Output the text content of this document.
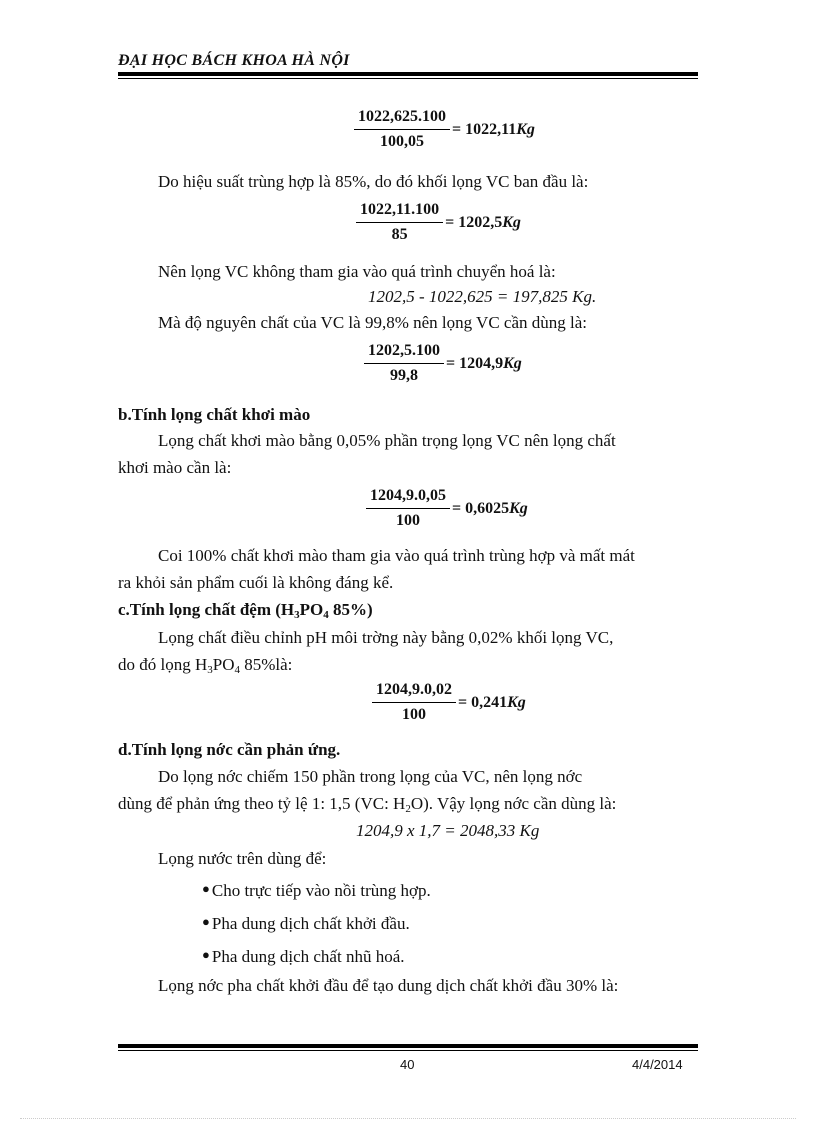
ĐẠI HỌC BÁCH KHOA HÀ NỘI
$\frac{1022,625.100}{100,05} = 1022,11$ Kg
Do hiệu suất trùng hợp là 85%, do đó khối lọng VC ban đầu là:
$\frac{1022,11.100}{85} = 1202,5$ Kg
Nên lọng VC không tham gia vào quá trình chuyển hoá là:
1202,5 - 1022,625 = 197,825 Kg.
Mà độ nguyên chất của VC là 99,8% nên lọng VC cần dùng là:
$\frac{1202,5.100}{99,8} = 1204,9$ Kg
b.Tính lọng chất khơi mào
Lọng chất khơi mào bằng 0,05% phần trọng lọng VC nên lọng chất
khơi mào cần là:
$\frac{1204,9.0,05}{100} = 0,6025$ Kg
Coi 100% chất khơi mào tham gia vào quá trình trùng hợp và mất mát
ra khỏi sản phẩm cuối là không đáng kể.
c.Tính lọng chất đệm ($H_3PO_4$ 85%)
Lọng chất điều chỉnh pH môi trờng này bằng 0,02% khối lọng VC,
do đó lọng $H_3PO_4$ 85%là:
$\frac{1204,9.0,02}{100} = 0,241$ Kg
d.Tính lọng nớc cần phản ứng.
Do lọng nớc chiếm 150 phần trong lọng của VC, nên lọng nớc
dùng để phản ứng theo tỷ lệ 1: 1,5 (VC: $H_2O$). Vậy lọng nớc cần dùng là:
1204,9 x 1,7 = 2048,33 Kg
Lọng nước trên dùng để:
● Cho trực tiếp vào nồi trùng hợp.
● Pha dung dịch chất khởi đầu.
● Pha dung dịch chất nhũ hoá.
Lọng nớc pha chất khởi đầu để tạo dung dịch chất khởi đầu 30% là:
40	4/4/2014
